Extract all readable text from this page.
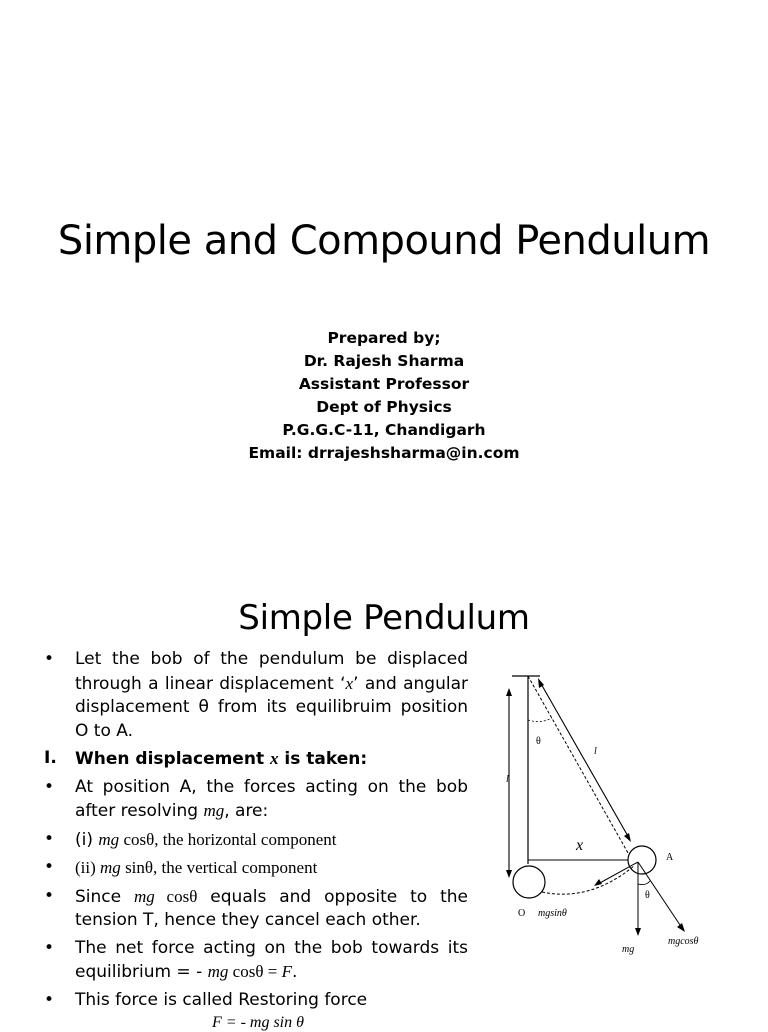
Simple and Compound Pendulum
Prepared by;
Dr. Rajesh Sharma
Assistant Professor
Dept of Physics
P.G.G.C-11, Chandigarh
Email: drrajeshsharma@in.com
Simple Pendulum
•	Let the bob of the pendulum be displaced through a linear displacement ‘x’ and angular displacement θ from its equilibruim position O to A.
I.	When displacement x is taken:
•	At position A, the forces acting on the bob after resolving mg, are:
•	(i) mg cosθ, the horizontal component
•	(ii) mg sinθ, the vertical component
•	Since mg cosθ equals and opposite to the tension T, hence they cancel each other.
•	The net force acting on the bob towards its equilibrium = - mg cosθ = F.
•	This force is called Restoring force
θ
l
l
x
O
A
θ
mgsinθ
mg
mgcosθ
F = - mg sin θ
